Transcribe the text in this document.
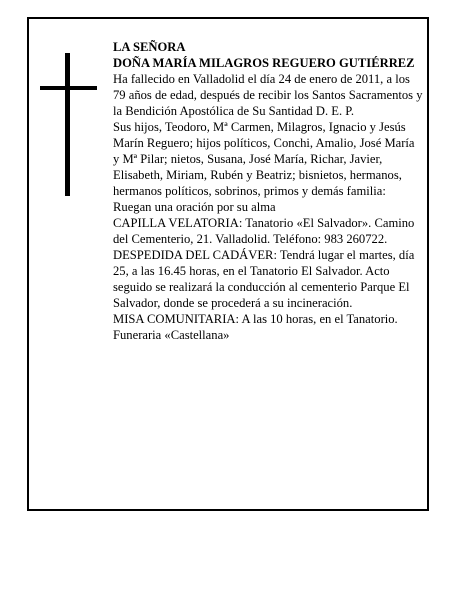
LA SEÑORA

DOÑA MARÍA MILAGROS REGUERO GUTIÉRREZ

Ha fallecido en Valladolid el día 24 de enero de 2011, a los 79 años de edad, después de recibir los Santos Sacramentos y la Bendición Apostólica de Su Santidad D. E. P.

Sus hijos, Teodoro, Mª Carmen, Milagros, Ignacio y Jesús Marín Reguero; hijos políticos, Conchi, Amalio, José María y Mª Pilar; nietos, Susana, José María, Richar, Javier, Elisabeth, Miriam, Rubén y Beatriz; bisnietos, hermanos, hermanos políticos, sobrinos, primos y demás familia:

Ruegan una oración por su alma

CAPILLA VELATORIA: Tanatorio «El Salvador». Camino del Cementerio, 21. Valladolid. Teléfono: 983 260722.

DESPEDIDA DEL CADÁVER: Tendrá lugar el martes, día 25, a las 16.45 horas, en el Tanatorio El Salvador. Acto seguido se realizará la conducción al cementerio Parque El Salvador, donde se procederá a su incineración.

MISA COMUNITARIA: A las 10 horas, en el Tanatorio.

Funeraria «Castellana»
